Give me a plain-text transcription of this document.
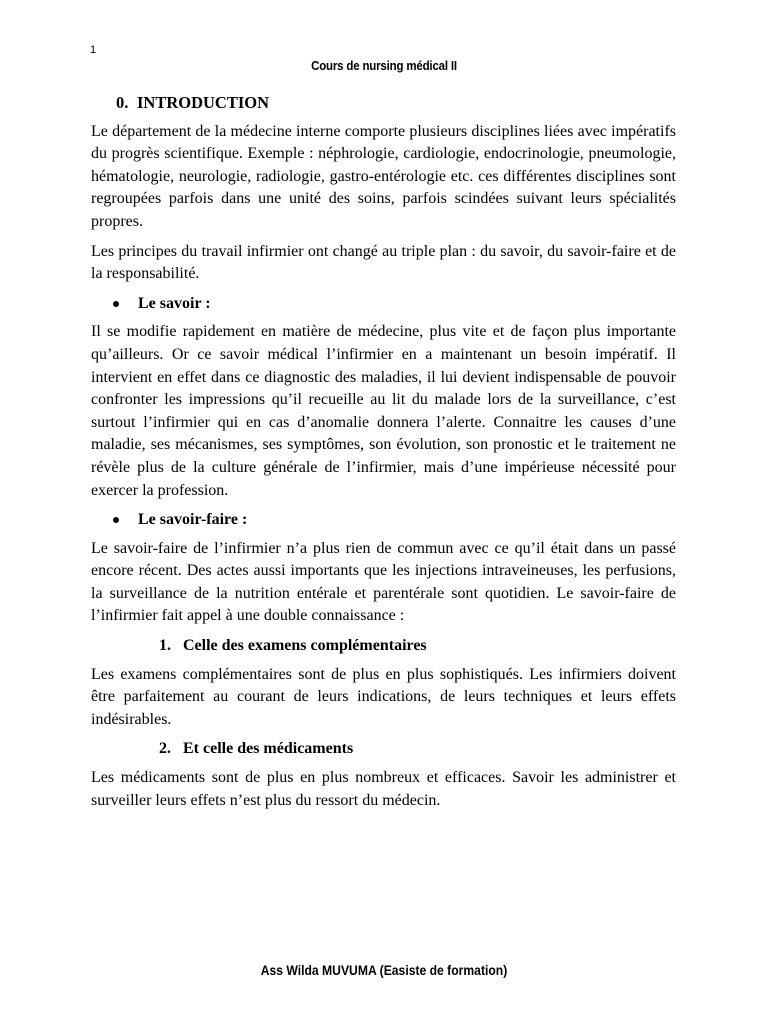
1
Cours de nursing médical II
0. INTRODUCTION

Le département de la médecine interne comporte plusieurs disciplines liées avec impératifs du progrès scientifique. Exemple : néphrologie, cardiologie, endocrinologie, pneumologie, hématologie, neurologie, radiologie, gastro-entérologie etc. ces différentes disciplines sont regroupées parfois dans une unité des soins, parfois scindées suivant leurs spécialités propres.

Les principes du travail infirmier ont changé au triple plan : du savoir, du savoir-faire et de la responsabilité.

Le savoir :

Il se modifie rapidement en matière de médecine, plus vite et de façon plus importante qu’ailleurs. Or ce savoir médical l’infirmier en a maintenant un besoin impératif. Il intervient en effet dans ce diagnostic des maladies, il lui devient indispensable de pouvoir confronter les impressions qu’il recueille au lit du malade lors de la surveillance, c’est surtout l’infirmier qui en cas d’anomalie donnera l’alerte. Connaitre les causes d’une maladie, ses mécanismes, ses symptômes, son évolution, son pronostic et le traitement ne révèle plus de la culture générale de l’infirmier, mais d’une impérieuse nécessité pour exercer la profession.

Le savoir-faire :

Le savoir-faire de l’infirmier n’a plus rien de commun avec ce qu’il était dans un passé encore récent. Des actes aussi importants que les injections intraveineuses, les perfusions, la surveillance de la nutrition entérale et parentérale sont quotidien. Le savoir-faire de l’infirmier fait appel à une double connaissance :

1. Celle des examens complémentaires

Les examens complémentaires sont de plus en plus sophistiqués. Les infirmiers doivent être parfaitement au courant de leurs indications, de leurs techniques et leurs effets indésirables.

2. Et celle des médicaments

Les médicaments sont de plus en plus nombreux et efficaces. Savoir les administrer et surveiller leurs effets n’est plus du ressort du médecin.

Ass Wilda MUVUMA (Easiste de formation)
